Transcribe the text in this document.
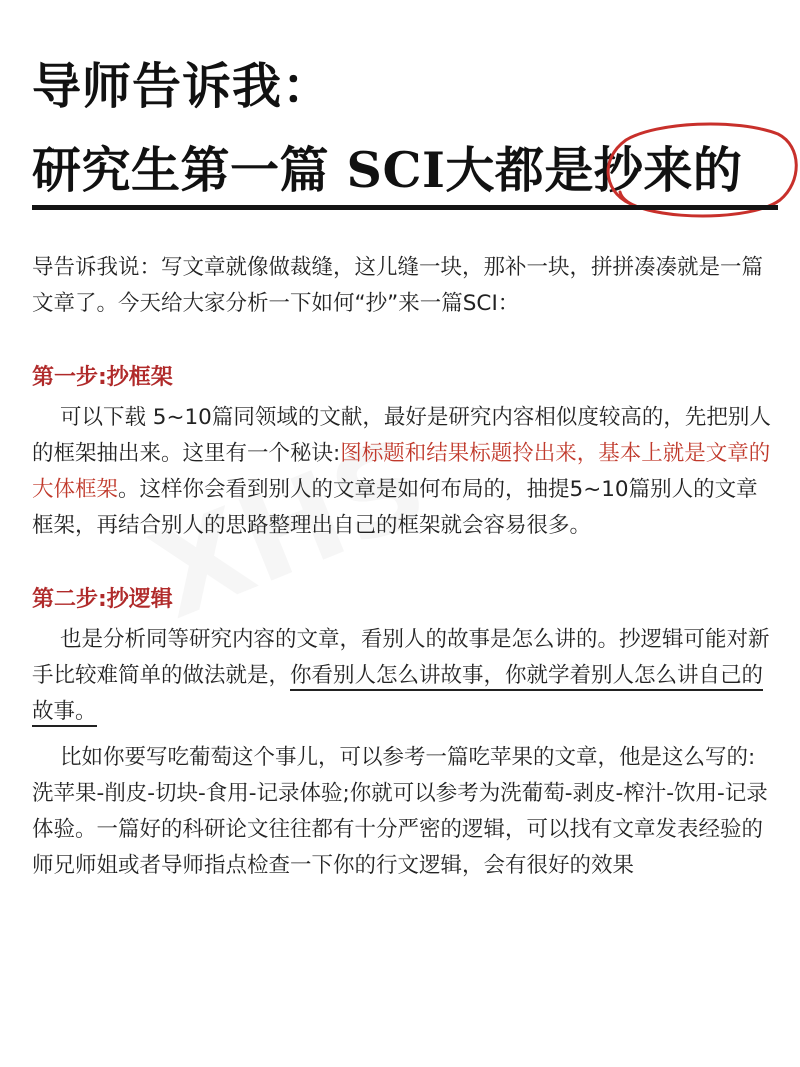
导师告诉我：
研究生第一篇 SCI大都是抄来的

导告诉我说：写文章就像做裁缝，这儿缝一块，那补一块，拼拼凑凑就是一篇文章了。今天给大家分析一下如何“抄”来一篇SCI：

第一步:抄框架

可以下载 5~10篇同领域的文献，最好是研究内容相似度较高的，先把别人的框架抽出来。这里有一个秘诀:图标题和结果标题拎出来，基本上就是文章的大体框架。这样你会看到别人的文章是如何布局的，抽提5~10篇别人的文章框架，再结合别人的思路整理出自己的框架就会容易很多。

第二步:抄逻辑

也是分析同等研究内容的文章，看别人的故事是怎么讲的。抄逻辑可能对新手比较难简单的做法就是，你看别人怎么讲故事，你就学着别人怎么讲自己的故事。

比如你要写吃葡萄这个事儿，可以参考一篇吃苹果的文章，他是这么写的:洗苹果-削皮-切块-食用-记录体验;你就可以参考为洗葡萄-剥皮-榨汁-饮用-记录体验。一篇好的科研论文往往都有十分严密的逻辑，可以找有文章发表经验的师兄师姐或者导师指点检查一下你的行文逻辑，会有很好的效果
